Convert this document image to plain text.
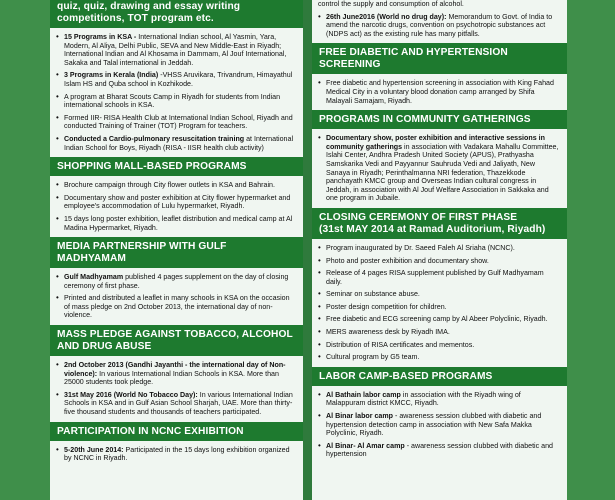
quiz, quiz, drawing and essay writing competitions, TOT program etc.
• 15 Programs in KSA - International Indian school, Al Yasmin, Yara, Modern, Al Aliya, Delhi Public, SEVA and New Middle-East in Riyadh; International Indian and Al Khosama in Dammam, Al Jouf International, Sakaka and Talal international in Jeddah.
• 3 Programs in Kerala (India) -VHSS Aruvikara, Trivandrum, Himayathul Islam HS and Quba school in Kozhikode.
• A program at Bharat Scouts Camp in Riyadh for students from Indian international schools in KSA.
• Formed IIR- RISA Health Club at International Indian School, Riyadh and conducted Training of Trainer (TOT) Program for teachers.
• Conducted a Cardio-pulmonary resuscitation training at International Indian School for Boys, Riyadh (RISA - IISR health club activity)
SHOPPING MALL-BASED PROGRAMS
• Brochure campaign through City flower outlets in KSA and Bahrain.
• Documentary show and poster exhibition at City flower hypermarket and employee's accommodation of Lulu hypermarket, Riyadh.
• 15 days long poster exhibition, leaflet distribution and medical camp at Al Madina Hypermarket, Riyadh.
MEDIA PARTNERSHIP WITH GULF MADHYAMAM
• Gulf Madhyamam published 4 pages supplement on the day of closing ceremony of first phase.
• Printed and distributed a leaflet in many schools in KSA on the occasion of mass pledge on 2nd October 2013, the international day of non-violence.
MASS PLEDGE AGAINST TOBACCO, ALCOHOL AND DRUG ABUSE
• 2nd October 2013 (Gandhi Jayanthi - the international day of Non-violence): In various International Indian Schools in KSA. More than 25000 students took pledge.
• 31st May 2016 (World No Tobacco Day): In various International Indian Schools in KSA and in Gulf Asian School Sharjah, UAE. More than thirty-five thousand students and thousands of teachers participated.
PARTICIPATION IN NCNC EXHIBITION
• 5-20th June 2014: Participated in the 15 days long exhibition organized by NCNC in Riyadh.
control the supply and consumption of alcohol.
• 26th June2016 (World no drug day): Memorandum to Govt. of India to amend the narcotic drugs, convention on psychotropic substances act (NDPS act) as the existing rule has many pitfalls.
FREE DIABETIC AND HYPERTENSION SCREENING
• Free diabetic and hypertension screening in association with King Fahad Medical City in a voluntary blood donation camp arranged by Shifa Malayali Samajam, Riyadh.
PROGRAMS IN COMMUNITY GATHERINGS
• Documentary show, poster exhibition and interactive sessions in community gatherings in association with Vadakara Mahallu Committee, Islahi Center, Andhra Pradesh United Society (APUS), Prathyasha Samskarika Vedi and Payyannur Sauhruda Vedi and Jaliyath, New Sanaya in Riyadh; Perinthalmanna NRI federation, Thazekkode panchayath KMCC group and Overseas Indian cultural congress in Jeddah, in association with Al Jouf Welfare Association in Sakkaka and one program in Jubaile.
CLOSING CEREMONY OF FIRST PHASE
(31st MAY 2014 at Ramad Auditorium, Riyadh)
• Program inaugurated by Dr. Saeed Faleh Al Sriaha (NCNC).
• Photo and poster exhibition and documentary show.
• Release of 4 pages RISA supplement published by Gulf Madhyamam daily.
• Seminar on substance abuse.
• Poster design competition for children.
• Free diabetic and ECG screening camp by Al Abeer Polyclinic, Riyadh.
• MERS awareness desk by Riyadh IMA.
• Distribution of RISA certificates and mementos.
• Cultural program by G5 team.
LABOR CAMP-BASED PROGRAMS
• Al Bathain labor camp in association with the Riyadh wing of Malappuram district KMCC, Riyadh.
• Al Binar labor camp - awareness session clubbed with diabetic and hypertension detection camp in association with New Safa Makka Polyclinic, Riyadh.
• Al Binar- Al Amar camp - awareness session clubbed with diabetic and hypertension
